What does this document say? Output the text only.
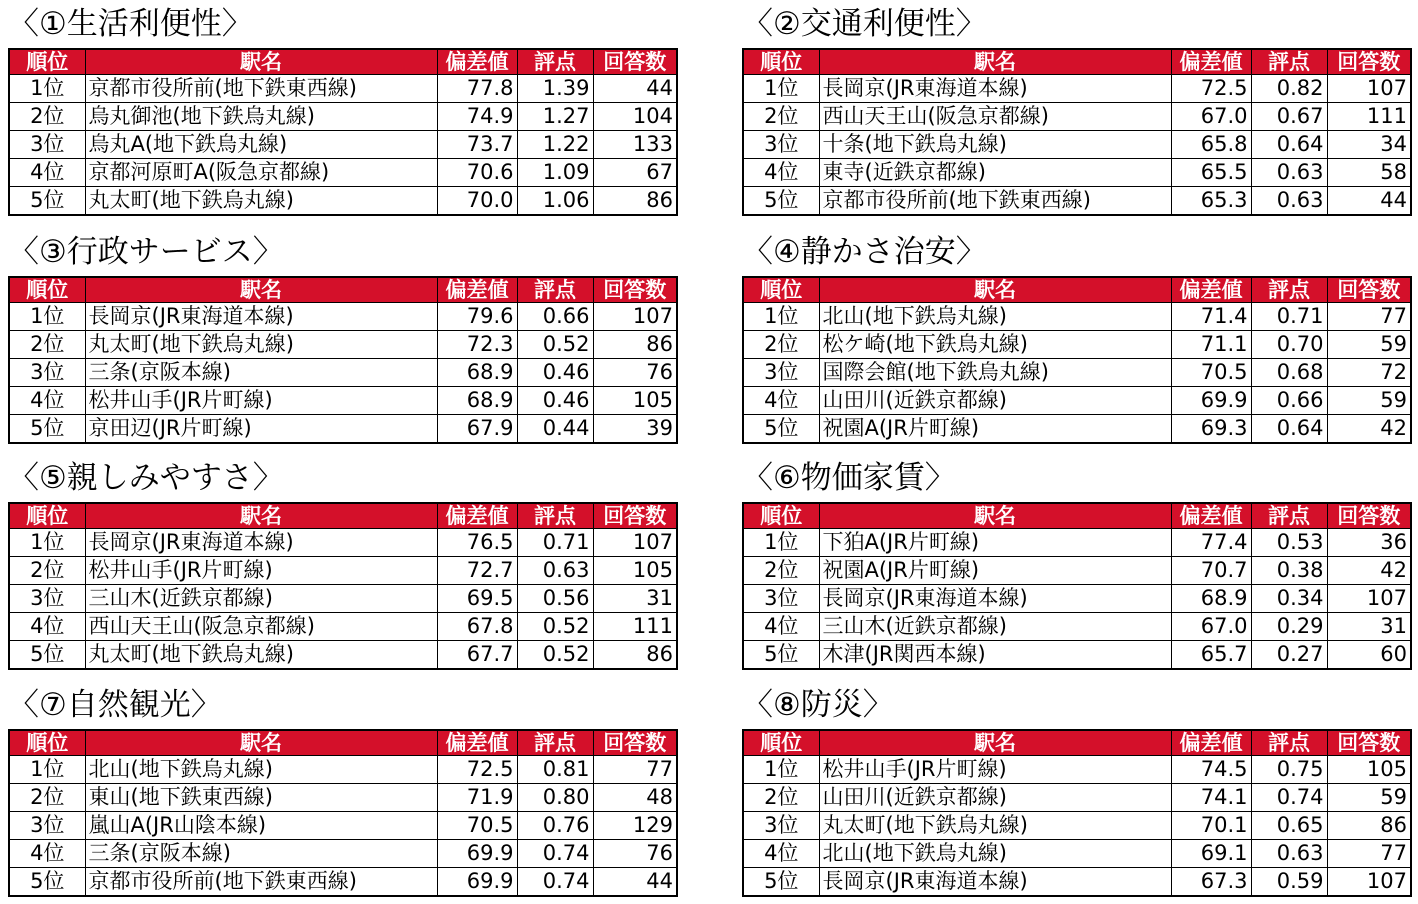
〈①生活利便性〉
順位	駅名	偏差値	評点	回答数
1位	京都市役所前(地下鉄東西線)	77.8	1.39	44
2位	烏丸御池(地下鉄烏丸線)	74.9	1.27	104
3位	烏丸A(地下鉄烏丸線)	73.7	1.22	133
4位	京都河原町A(阪急京都線)	70.6	1.09	67
5位	丸太町(地下鉄烏丸線)	70.0	1.06	86
〈②交通利便性〉
順位	駅名	偏差値	評点	回答数
1位	長岡京(JR東海道本線)	72.5	0.82	107
2位	西山天王山(阪急京都線)	67.0	0.67	111
3位	十条(地下鉄烏丸線)	65.8	0.64	34
4位	東寺(近鉄京都線)	65.5	0.63	58
5位	京都市役所前(地下鉄東西線)	65.3	0.63	44
〈③行政サービス〉
順位	駅名	偏差値	評点	回答数
1位	長岡京(JR東海道本線)	79.6	0.66	107
2位	丸太町(地下鉄烏丸線)	72.3	0.52	86
3位	三条(京阪本線)	68.9	0.46	76
4位	松井山手(JR片町線)	68.9	0.46	105
5位	京田辺(JR片町線)	67.9	0.44	39
〈④静かさ治安〉
順位	駅名	偏差値	評点	回答数
1位	北山(地下鉄烏丸線)	71.4	0.71	77
2位	松ケ崎(地下鉄烏丸線)	71.1	0.70	59
3位	国際会館(地下鉄烏丸線)	70.5	0.68	72
4位	山田川(近鉄京都線)	69.9	0.66	59
5位	祝園A(JR片町線)	69.3	0.64	42
〈⑤親しみやすさ〉
順位	駅名	偏差値	評点	回答数
1位	長岡京(JR東海道本線)	76.5	0.71	107
2位	松井山手(JR片町線)	72.7	0.63	105
3位	三山木(近鉄京都線)	69.5	0.56	31
4位	西山天王山(阪急京都線)	67.8	0.52	111
5位	丸太町(地下鉄烏丸線)	67.7	0.52	86
〈⑥物価家賃〉
順位	駅名	偏差値	評点	回答数
1位	下狛A(JR片町線)	77.4	0.53	36
2位	祝園A(JR片町線)	70.7	0.38	42
3位	長岡京(JR東海道本線)	68.9	0.34	107
4位	三山木(近鉄京都線)	67.0	0.29	31
5位	木津(JR関西本線)	65.7	0.27	60
〈⑦自然観光〉
順位	駅名	偏差値	評点	回答数
1位	北山(地下鉄烏丸線)	72.5	0.81	77
2位	東山(地下鉄東西線)	71.9	0.80	48
3位	嵐山A(JR山陰本線)	70.5	0.76	129
4位	三条(京阪本線)	69.9	0.74	76
5位	京都市役所前(地下鉄東西線)	69.9	0.74	44
〈⑧防災〉
順位	駅名	偏差値	評点	回答数
1位	松井山手(JR片町線)	74.5	0.75	105
2位	山田川(近鉄京都線)	74.1	0.74	59
3位	丸太町(地下鉄烏丸線)	70.1	0.65	86
4位	北山(地下鉄烏丸線)	69.1	0.63	77
5位	長岡京(JR東海道本線)	67.3	0.59	107
